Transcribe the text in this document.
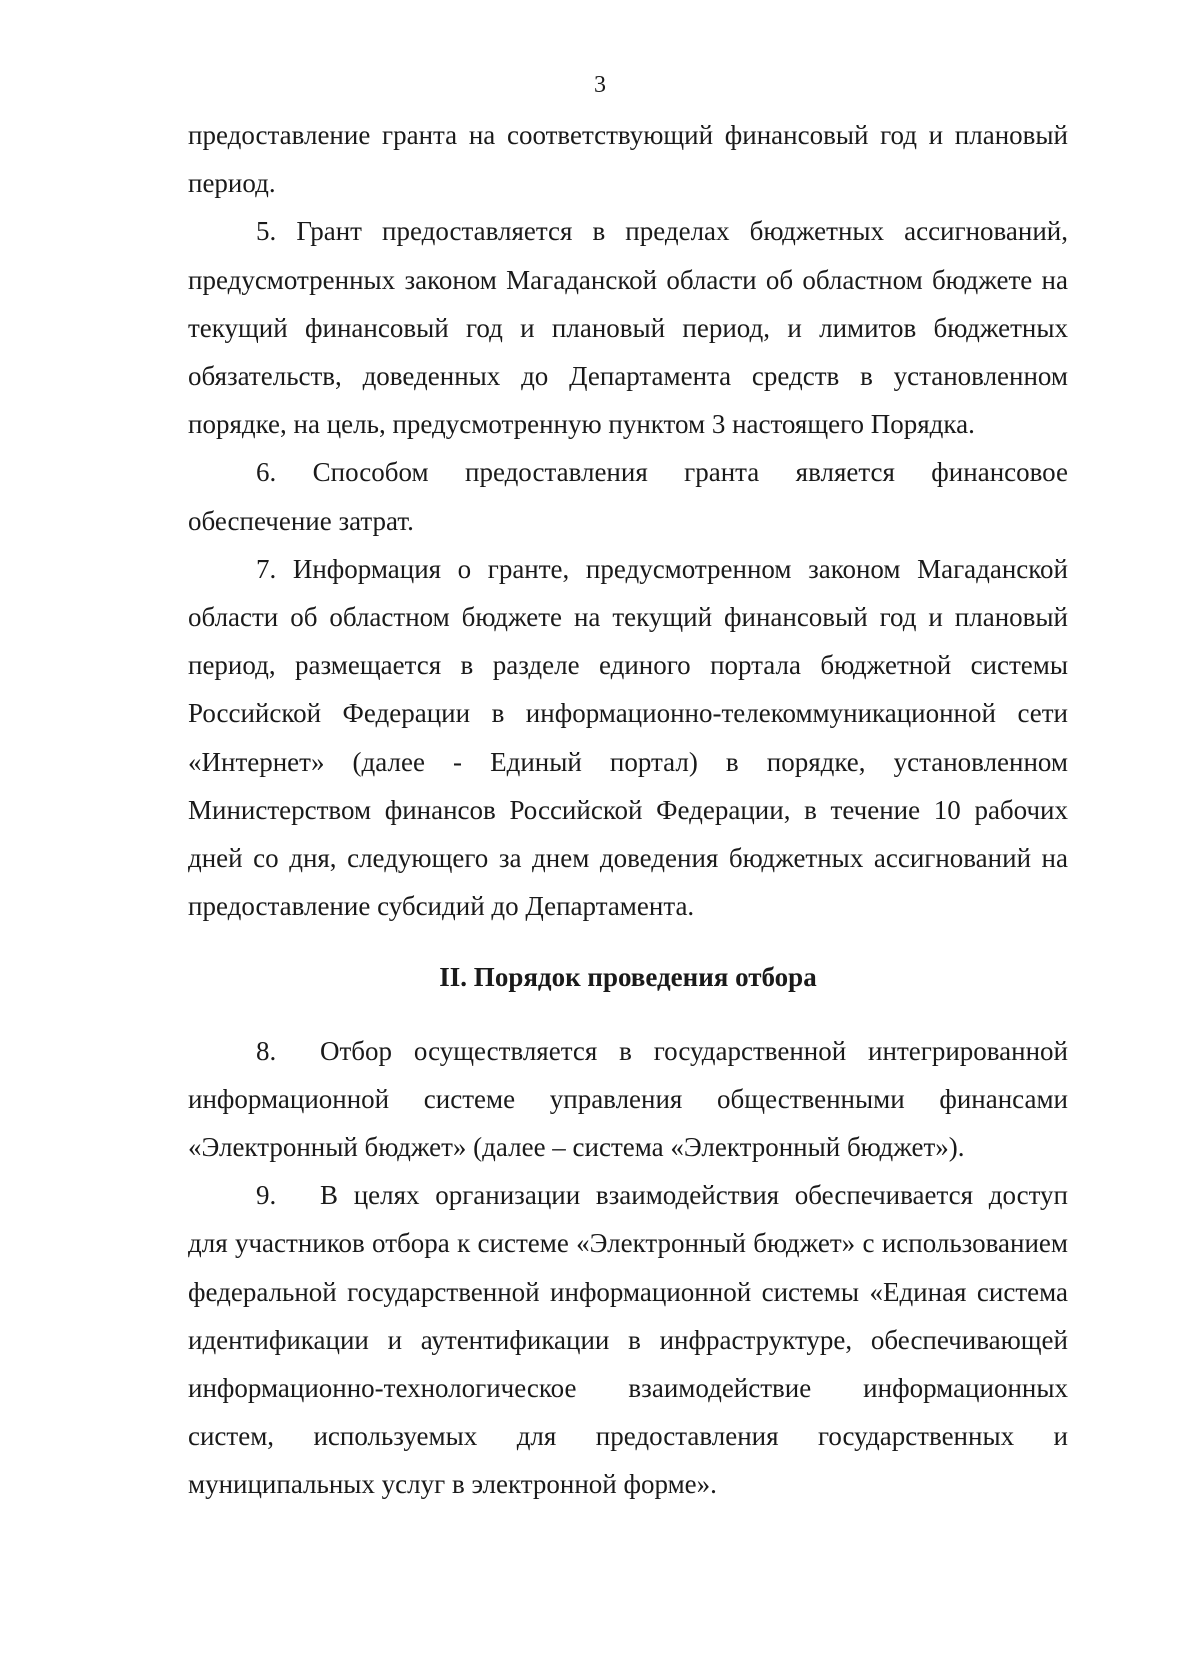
3

предоставление гранта на соответствующий финансовый год и плановый период.

5. Грант предоставляется в пределах бюджетных ассигнований, предусмотренных законом Магаданской области об областном бюджете на текущий финансовый год и плановый период, и лимитов бюджетных обязательств, доведенных до Департамента средств в установленном порядке, на цель, предусмотренную пунктом 3 настоящего Порядка.

6. Способом предоставления гранта является финансовое обеспечение затрат.

7. Информация о гранте, предусмотренном законом Магаданской области об областном бюджете на текущий финансовый год и плановый период, размещается в разделе единого портала бюджетной системы Российской Федерации в информационно-телекоммуникационной сети «Интернет» (далее - Единый портал) в порядке, установленном Министерством финансов Российской Федерации, в течение 10 рабочих дней со дня, следующего за днем доведения бюджетных ассигнований на предоставление субсидий до Департамента.

II. Порядок проведения отбора

8. Отбор осуществляется в государственной интегрированной информационной системе управления общественными финансами «Электронный бюджет» (далее – система «Электронный бюджет»).

9. В целях организации взаимодействия обеспечивается доступ для участников отбора к системе «Электронный бюджет» с использованием федеральной государственной информационной системы «Единая система идентификации и аутентификации в инфраструктуре, обеспечивающей информационно-технологическое взаимодействие информационных систем, используемых для предоставления государственных и муниципальных услуг в электронной форме».
